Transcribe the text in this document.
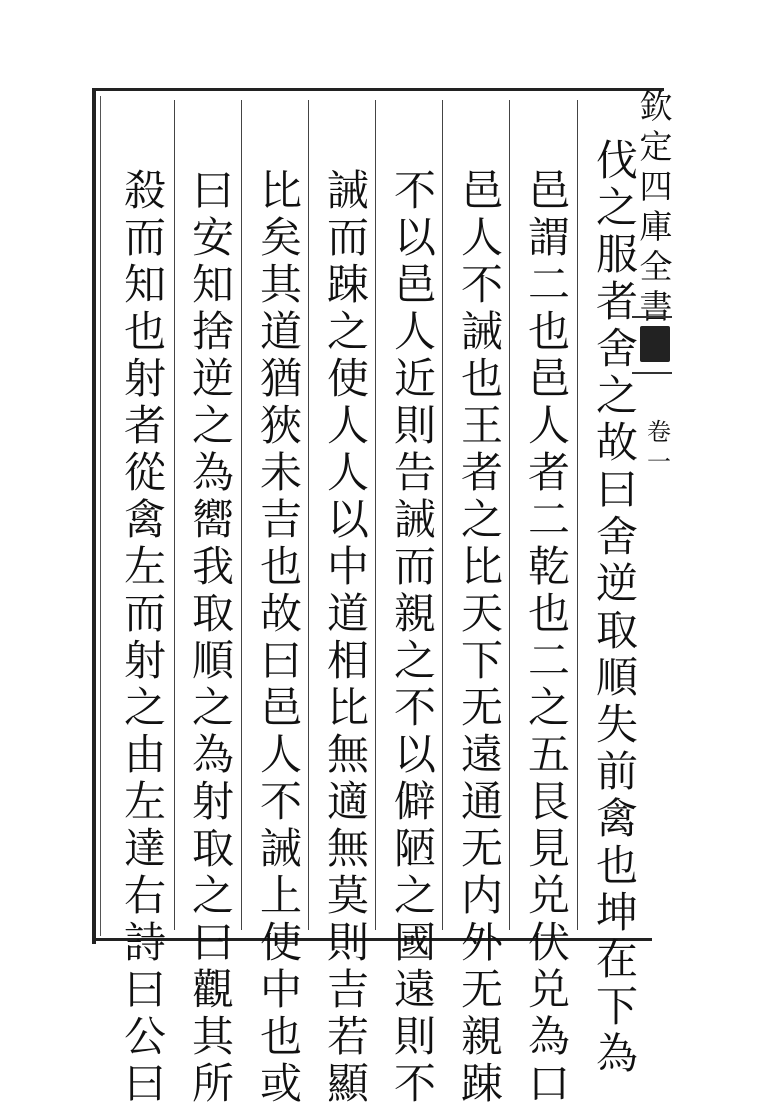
欽
定
四
庫
全
書
卷
一
伐
之
服
者
舍
之
故
曰
舍
逆
取
順
失
前
禽
也
坤
在
下
為
邑
謂
二
也
邑
人
者
二
乾
也
二
之
五
艮
見
兑
伏
兑
為
口
邑
人
不
誡
也
王
者
之
比
天
下
无
遠
通
无
内
外
无
親
踈
不
以
邑
人
近
則
告
誡
而
親
之
不
以
僻
陋
之
國
遠
則
不
誡
而
踈
之
使
人
人
以
中
道
相
比
無
適
無
莫
則
吉
若
顯
比
矣
其
道
猶
狹
未
吉
也
故
曰
邑
人
不
誡
上
使
中
也
或
曰
安
知
捨
逆
之
為
嚮
我
取
順
之
為
射
取
之
曰
觀
其
所
殺
而
知
也
射
者
從
禽
左
而
射
之
由
左
達
右
詩
曰
公
曰
